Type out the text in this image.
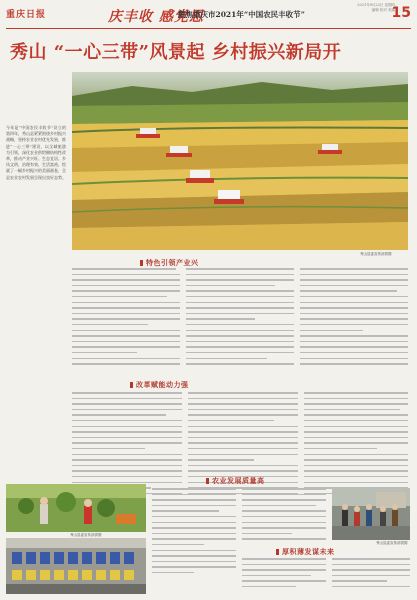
重庆日报	庆丰收 感党恩
聚焦重庆市2021年“中国农民丰收节”
2021年9月23日 星期四
编辑 校对 美编
15
秀山 “一心三带”风景起 乡村振兴新局开
今年是“中国农民丰收节”设立的第四年，秀山县紧紧围绕乡村振兴战略，坚持农业农村优先发展，推进“一心三带”建设，以全域旅游为引领，深化农业供给侧结构性改革，推动产业兴旺、生态宜居、乡风文明、治理有效、生活富裕，绘就了一幅乡村振兴的美丽画卷，全县农业农村发展呈现出良好态势。
秀山县委宣传部供图
特色引领产业兴
改革赋能动力强
秀山县委宣传部供图
农业发展质量高
秀山县委宣传部供图
厚积薄发谋未来
